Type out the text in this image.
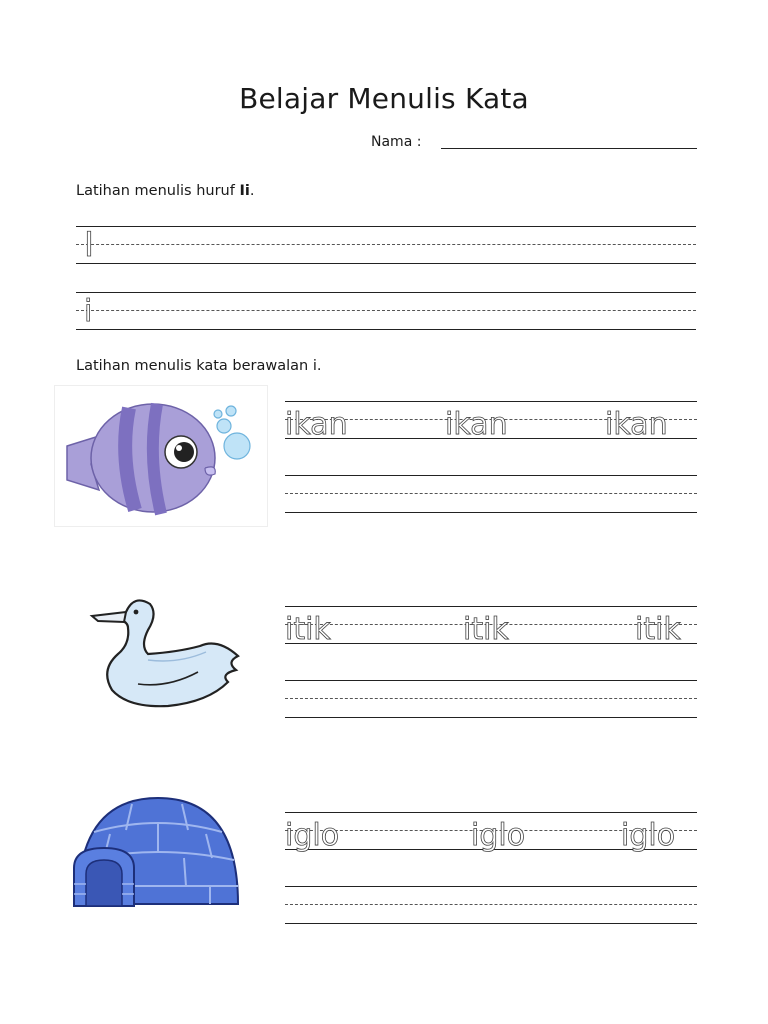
Belajar Menulis Kata
Nama :
Latihan menulis huruf Ii.
I
i
Latihan menulis kata berawalan i.
ikan	ikan	ikan
itik	itik	itik
iglo	iglo	iglo
